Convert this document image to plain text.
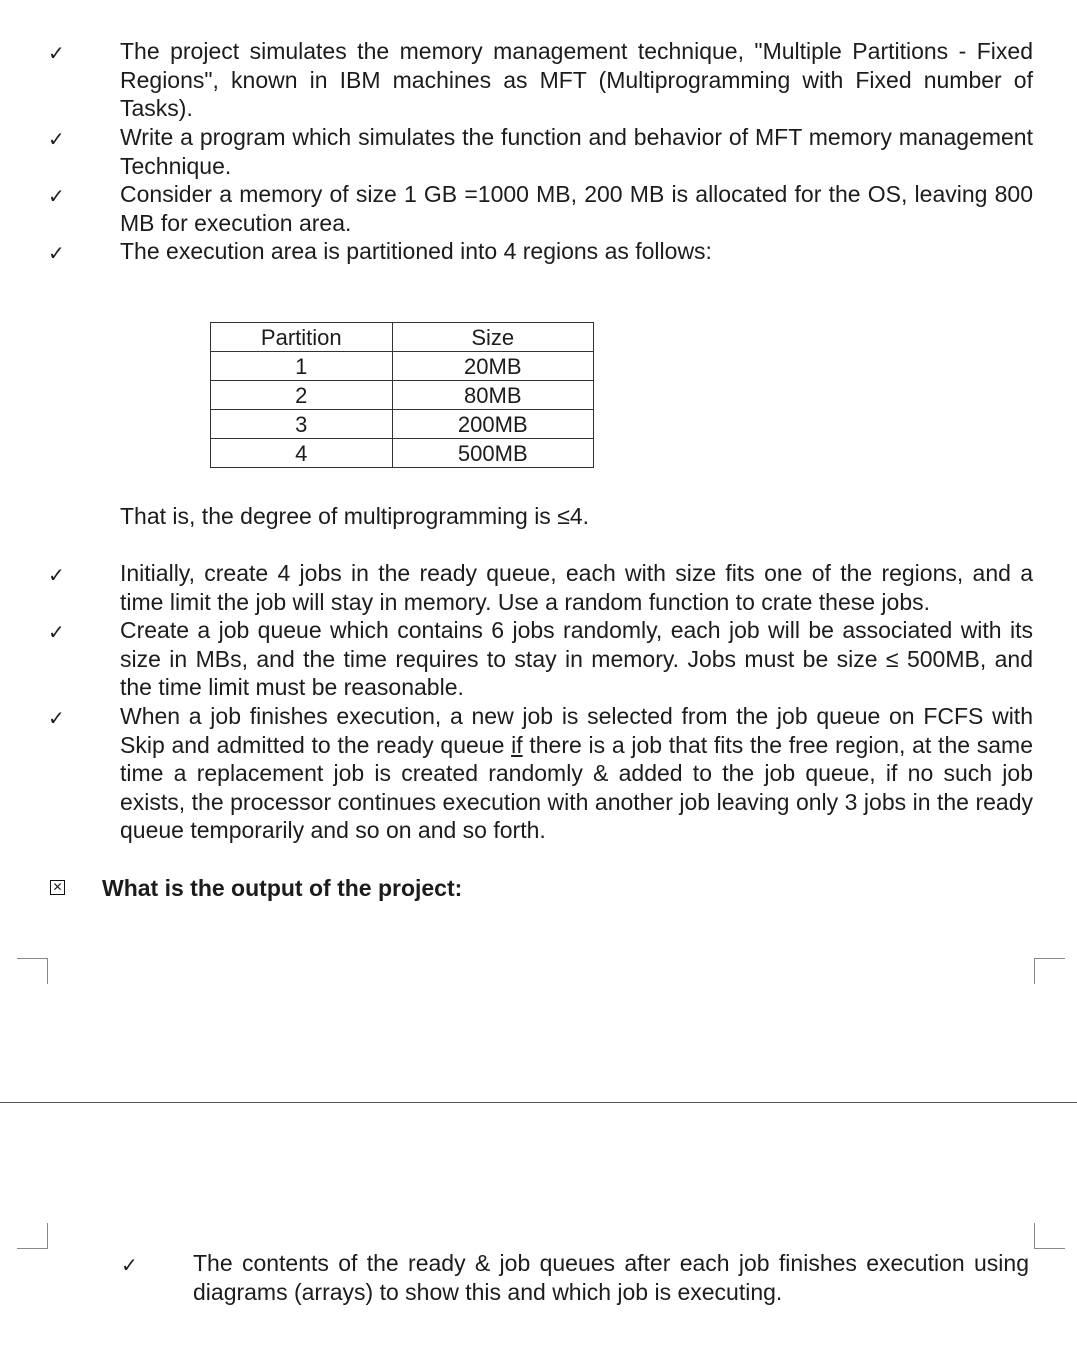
✓ The project simulates the memory management technique, "Multiple Partitions - Fixed Regions", known in IBM machines as MFT (Multiprogramming with Fixed number of Tasks).
✓ Write a program which simulates the function and behavior of MFT memory management Technique.
✓ Consider a memory of size 1 GB =1000 MB, 200 MB is allocated for the OS, leaving 800 MB for execution area.
✓ The execution area is partitioned into 4 regions as follows:
Partition	Size
1	20MB
2	80MB
3	200MB
4	500MB
That is, the degree of multiprogramming is ≤4.
✓ Initially, create 4 jobs in the ready queue, each with size fits one of the regions, and a time limit the job will stay in memory. Use a random function to crate these jobs.
✓ Create a job queue which contains 6 jobs randomly, each job will be associated with its size in MBs, and the time requires to stay in memory. Jobs must be size ≤ 500MB, and the time limit must be reasonable.
✓ When a job finishes execution, a new job is selected from the job queue on FCFS with Skip and admitted to the ready queue if there is a job that fits the free region, at the same time a replacement job is created randomly & added to the job queue, if no such job exists, the processor continues execution with another job leaving only 3 jobs in the ready queue temporarily and so on and so forth.
✕ What is the output of the project:
✓ The contents of the ready & job queues after each job finishes execution using diagrams (arrays) to show this and which job is executing.
